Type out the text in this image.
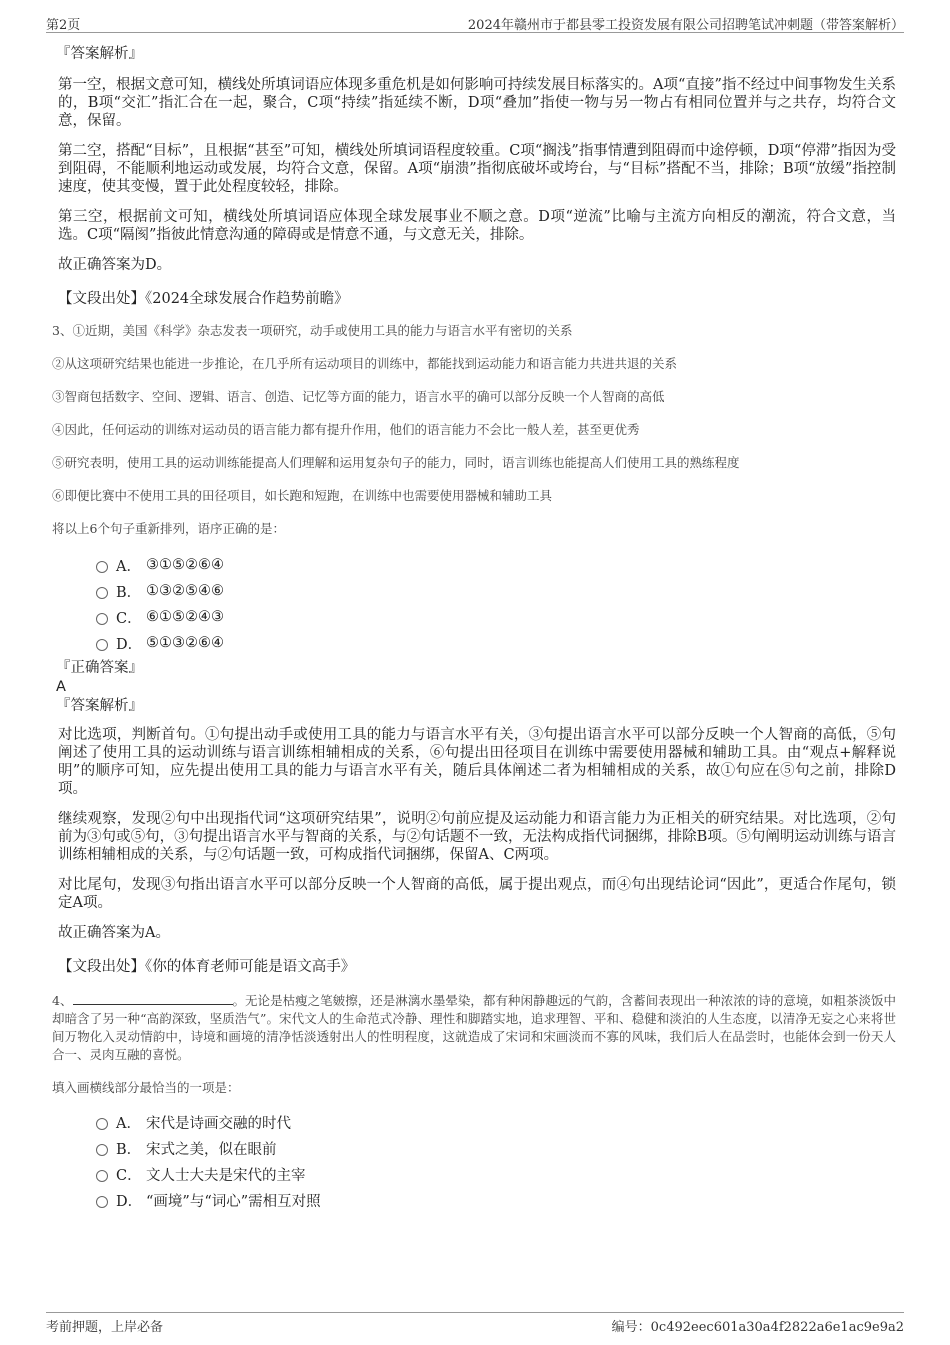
第2页	2024年赣州市于都县零工投资发展有限公司招聘笔试冲刺题（带答案解析）

『答案解析』

第一空，根据文意可知，横线处所填词语应体现多重危机是如何影响可持续发展目标落实的。A项“直接”指不经过中间事物发生关系的，B项“交汇”指汇合在一起，聚合，C项“持续”指延续不断，D项“叠加”指使一物与另一物占有相同位置并与之共存，均符合文意，保留。

第二空，搭配“目标”，且根据“甚至”可知，横线处所填词语程度较重。C项“搁浅”指事情遭到阻碍而中途停顿，D项“停滞”指因为受到阻碍，不能顺利地运动或发展，均符合文意，保留。A项“崩溃”指彻底破坏或垮台，与“目标”搭配不当，排除；B项“放缓”指控制速度，使其变慢，置于此处程度较轻，排除。

第三空，根据前文可知，横线处所填词语应体现全球发展事业不顺之意。D项“逆流”比喻与主流方向相反的潮流，符合文意，当选。C项“隔阂”指彼此情意沟通的障碍或是情意不通，与文意无关，排除。

故正确答案为D。

【文段出处】《2024全球发展合作趋势前瞻》

3、①近期，美国《科学》杂志发表一项研究，动手或使用工具的能力与语言水平有密切的关系

②从这项研究结果也能进一步推论，在几乎所有运动项目的训练中，都能找到运动能力和语言能力共进共退的关系

③智商包括数字、空间、逻辑、语言、创造、记忆等方面的能力，语言水平的确可以部分反映一个人智商的高低

④因此，任何运动的训练对运动员的语言能力都有提升作用，他们的语言能力不会比一般人差，甚至更优秀

⑤研究表明，使用工具的运动训练能提高人们理解和运用复杂句子的能力，同时，语言训练也能提高人们使用工具的熟练程度

⑥即便比赛中不使用工具的田径项目，如长跑和短跑，在训练中也需要使用器械和辅助工具

将以上6个句子重新排列，语序正确的是：

A． ③①⑤②⑥④
B． ①③②⑤④⑥
C． ⑥①⑤②④③
D． ⑤①③②⑥④

『正确答案』

A

『答案解析』

对比选项，判断首句。①句提出动手或使用工具的能力与语言水平有关，③句提出语言水平可以部分反映一个人智商的高低，⑤句阐述了使用工具的运动训练与语言训练相辅相成的关系，⑥句提出田径项目在训练中需要使用器械和辅助工具。由“观点+解释说明”的顺序可知，应先提出使用工具的能力与语言水平有关，随后具体阐述二者为相辅相成的关系，故①句应在⑤句之前，排除D项。

继续观察，发现②句中出现指代词“这项研究结果”，说明②句前应提及运动能力和语言能力为正相关的研究结果。对比选项，②句前为③句或⑤句，③句提出语言水平与智商的关系，与②句话题不一致，无法构成指代词捆绑，排除B项。⑤句阐明运动训练与语言训练相辅相成的关系，与②句话题一致，可构成指代词捆绑，保留A、C两项。

对比尾句，发现③句指出语言水平可以部分反映一个人智商的高低，属于提出观点，而④句出现结论词“因此”，更适合作尾句，锁定A项。

故正确答案为A。

【文段出处】《你的体育老师可能是语文高手》

4、	。无论是枯瘦之笔皴擦，还是淋漓水墨晕染，都有种闲静趣远的气韵，含蓄间表现出一种浓浓的诗的意境，如粗茶淡饭中却暗含了另一种“高韵深致，坚质浩气”。宋代文人的生命范式冷静、理性和脚踏实地，追求理智、平和、稳健和淡泊的人生态度，以清净无妄之心来将世间万物化入灵动情韵中，诗境和画境的清净恬淡透射出人的性明程度，这就造成了宋词和宋画淡而不寡的风味，我们后人在品尝时，也能体会到一份天人合一、灵肉互融的喜悦。

填入画横线部分最恰当的一项是：

A． 宋代是诗画交融的时代
B． 宋式之美，似在眼前
C． 文人士大夫是宋代的主宰
D． “画境”与“词心”需相互对照
考前押题，上岸必备	编号：0c492eec601a30a4f2822a6e1ac9e9a2
